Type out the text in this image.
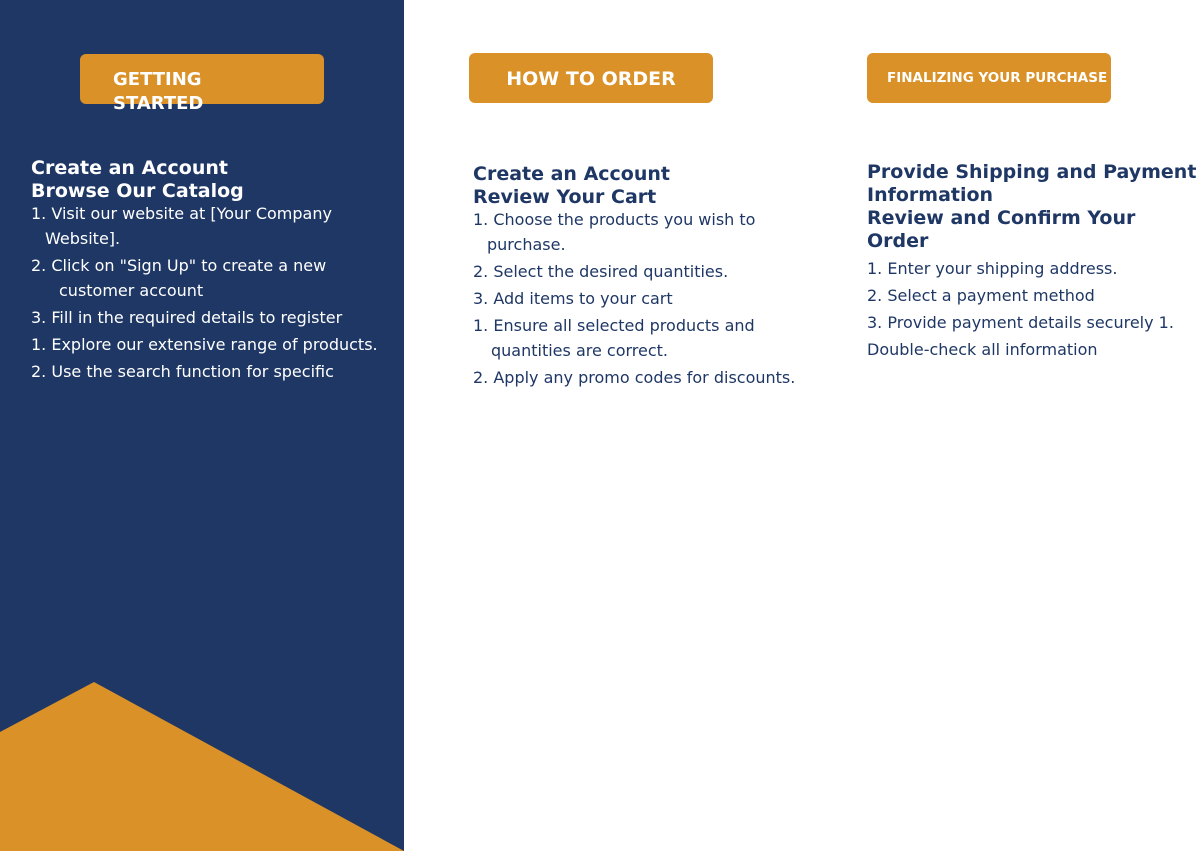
GETTING STARTED
HOW TO ORDER	FINALIZING YOUR PURCHASE
Create an Account
Browse Our Catalog
1. Visit our website at [Your Company
Website].
2. Click on "Sign Up" to create a new
customer account
3. Fill in the required details to register
1. Explore our extensive range of products.
2. Use the search function for specific
Create an Account
Review Your Cart
1. Choose the products you wish to
purchase.
2. Select the desired quantities.
3. Add items to your cart
1. Ensure all selected products and
quantities are correct.
2. Apply any promo codes for discounts.
Provide Shipping and Payment Information
Review and Confirm Your Order
1. Enter your shipping address.
2. Select a payment method
3. Provide payment details securely 1.
Double-check all information
